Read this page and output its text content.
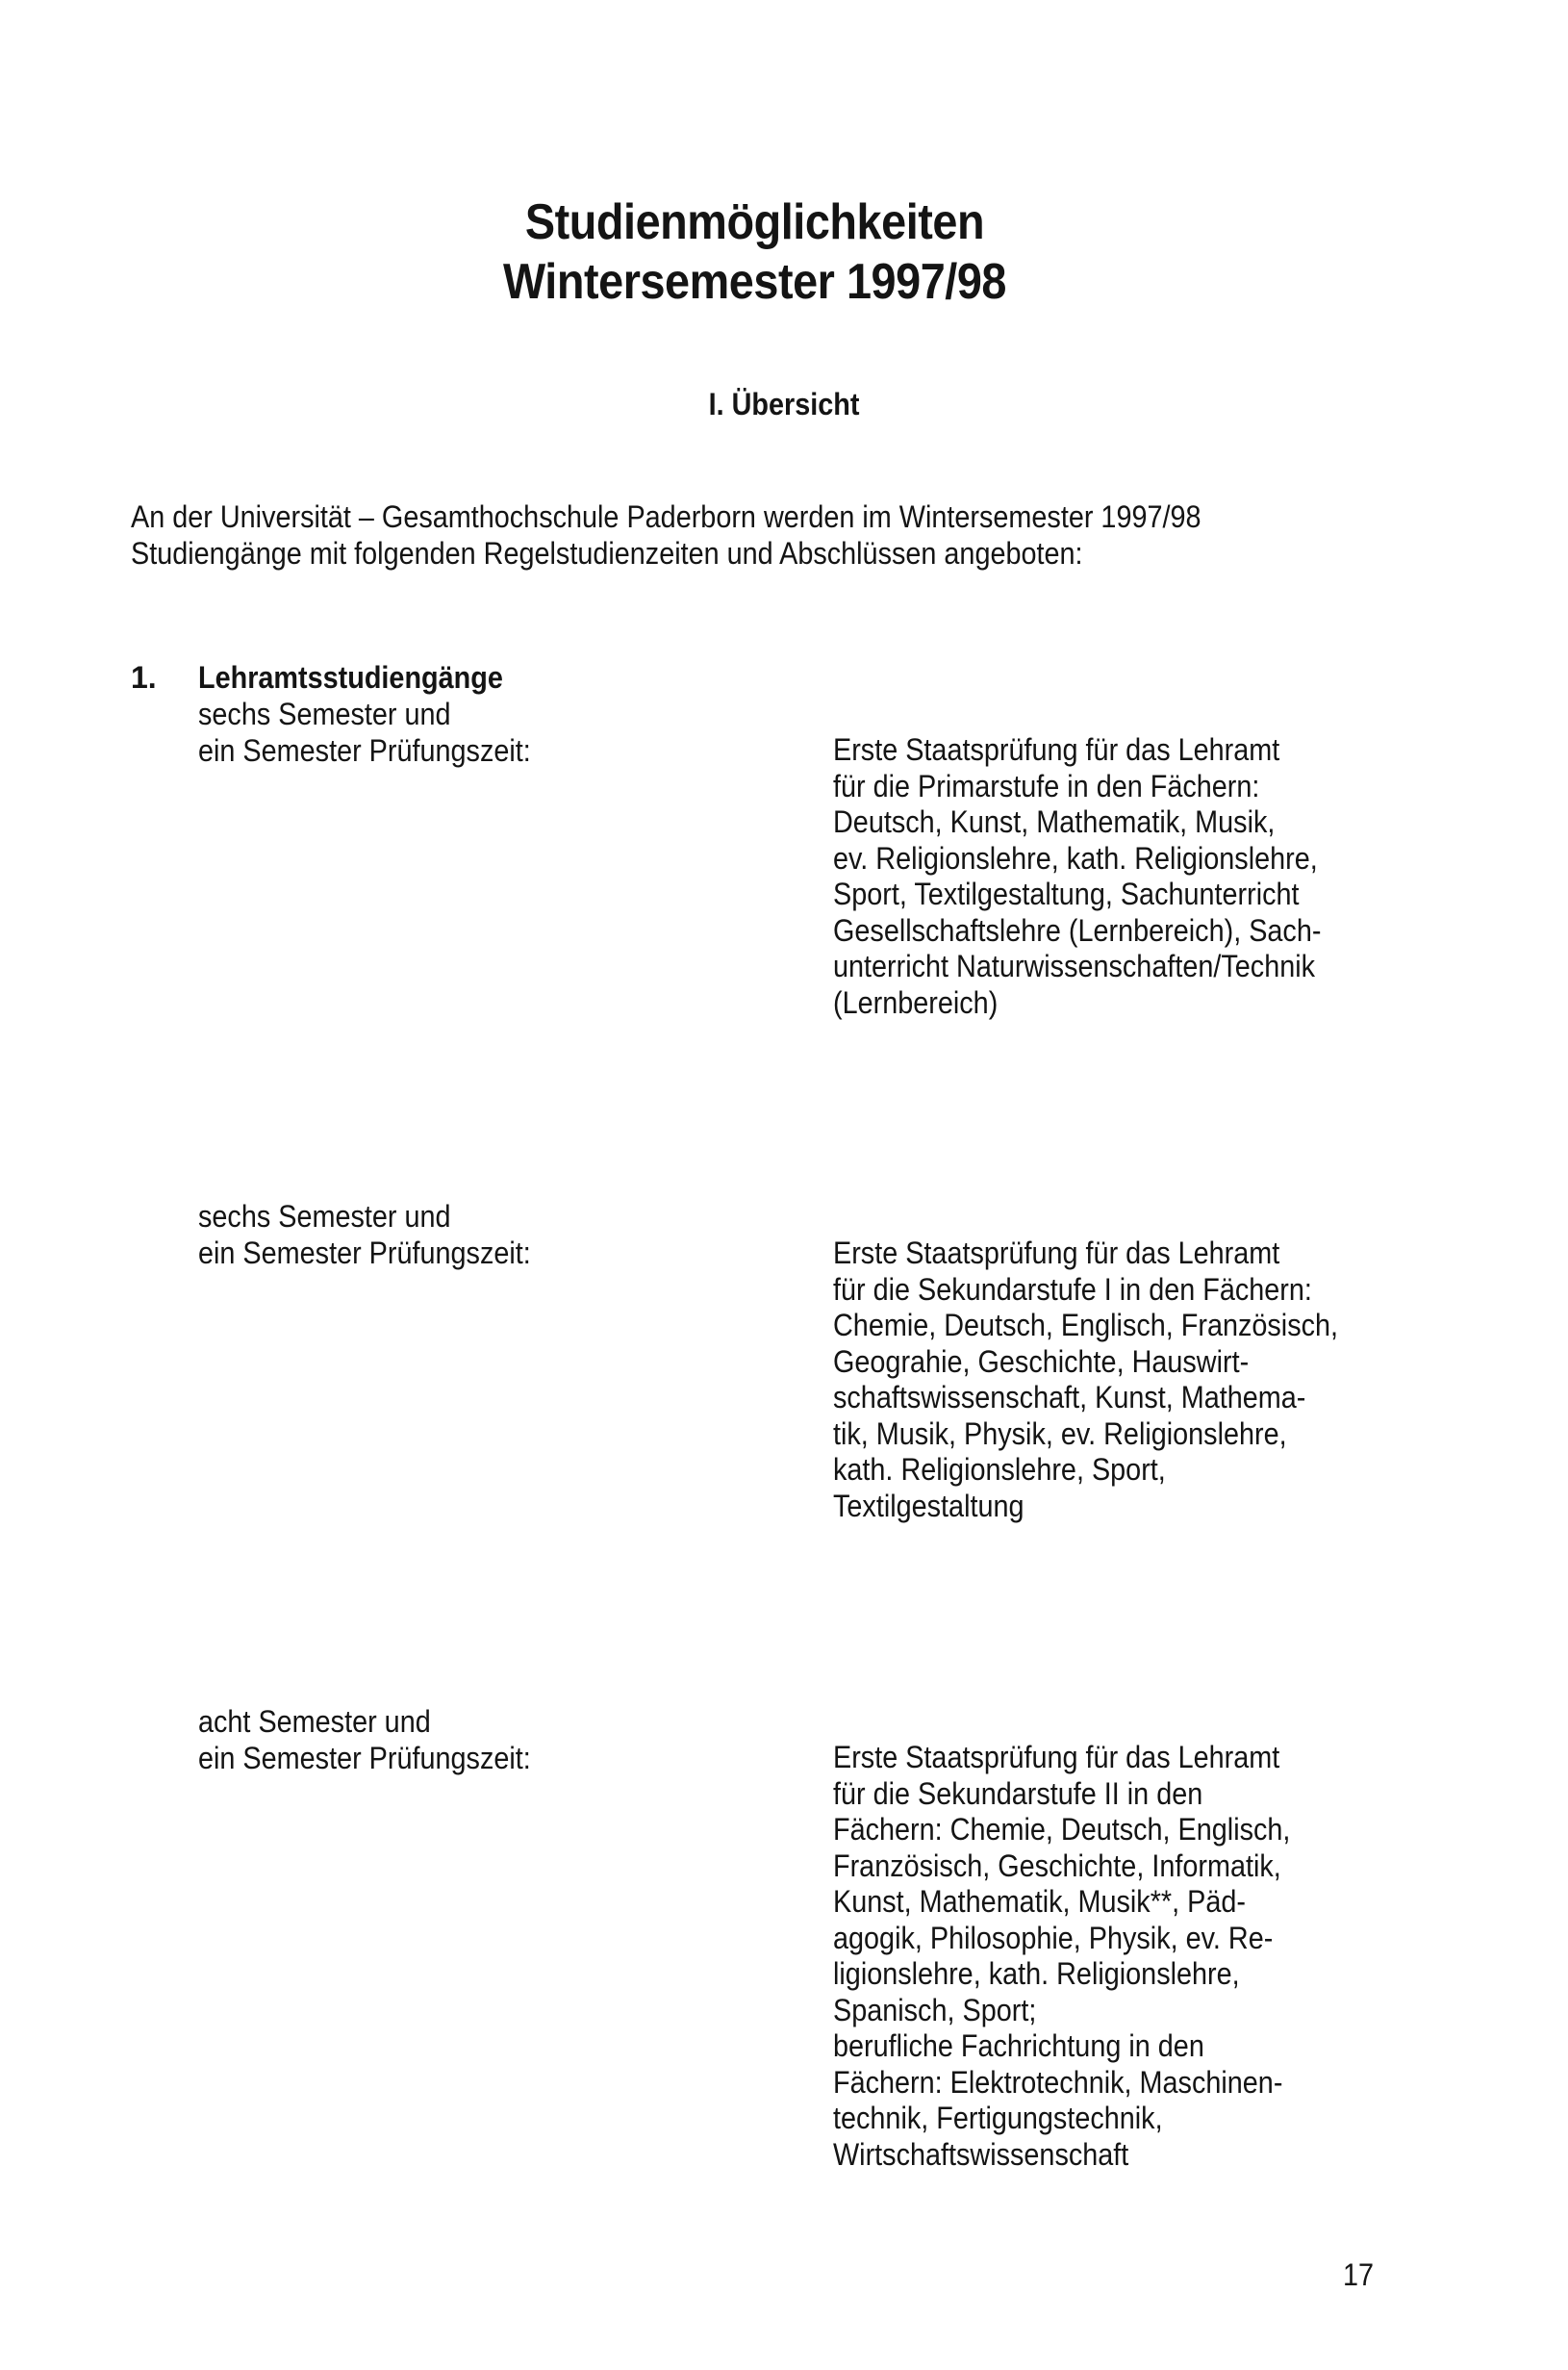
Studienmöglichkeiten
Wintersemester 1997/98
I. Übersicht
An der Universität – Gesamthochschule Paderborn werden im Wintersemester 1997/98
Studiengänge mit folgenden Regelstudienzeiten und Abschlüssen angeboten:
1. Lehramtsstudiengänge
sechs Semester und
ein Semester Prüfungszeit:	Erste Staatsprüfung für das Lehramt
für die Primarstufe in den Fächern:
Deutsch, Kunst, Mathematik, Musik,
ev. Religionslehre, kath. Religionslehre,
Sport, Textilgestaltung, Sachunterricht
Gesellschaftslehre (Lernbereich), Sach-
unterricht Naturwissenschaften/Technik
(Lernbereich)
sechs Semester und
ein Semester Prüfungszeit:	Erste Staatsprüfung für das Lehramt
für die Sekundarstufe I in den Fächern:
Chemie, Deutsch, Englisch, Französisch,
Geograhie, Geschichte, Hauswirt-
schaftswissenschaft, Kunst, Mathema-
tik, Musik, Physik, ev. Religionslehre,
kath. Religionslehre, Sport,
Textilgestaltung
acht Semester und
ein Semester Prüfungszeit:	Erste Staatsprüfung für das Lehramt
für die Sekundarstufe II in den
Fächern: Chemie, Deutsch, Englisch,
Französisch, Geschichte, Informatik,
Kunst, Mathematik, Musik**, Päd-
agogik, Philosophie, Physik, ev. Re-
ligionslehre, kath. Religionslehre,
Spanisch, Sport;
berufliche Fachrichtung in den
Fächern: Elektrotechnik, Maschinen-
technik, Fertigungstechnik,
Wirtschaftswissenschaft
17
